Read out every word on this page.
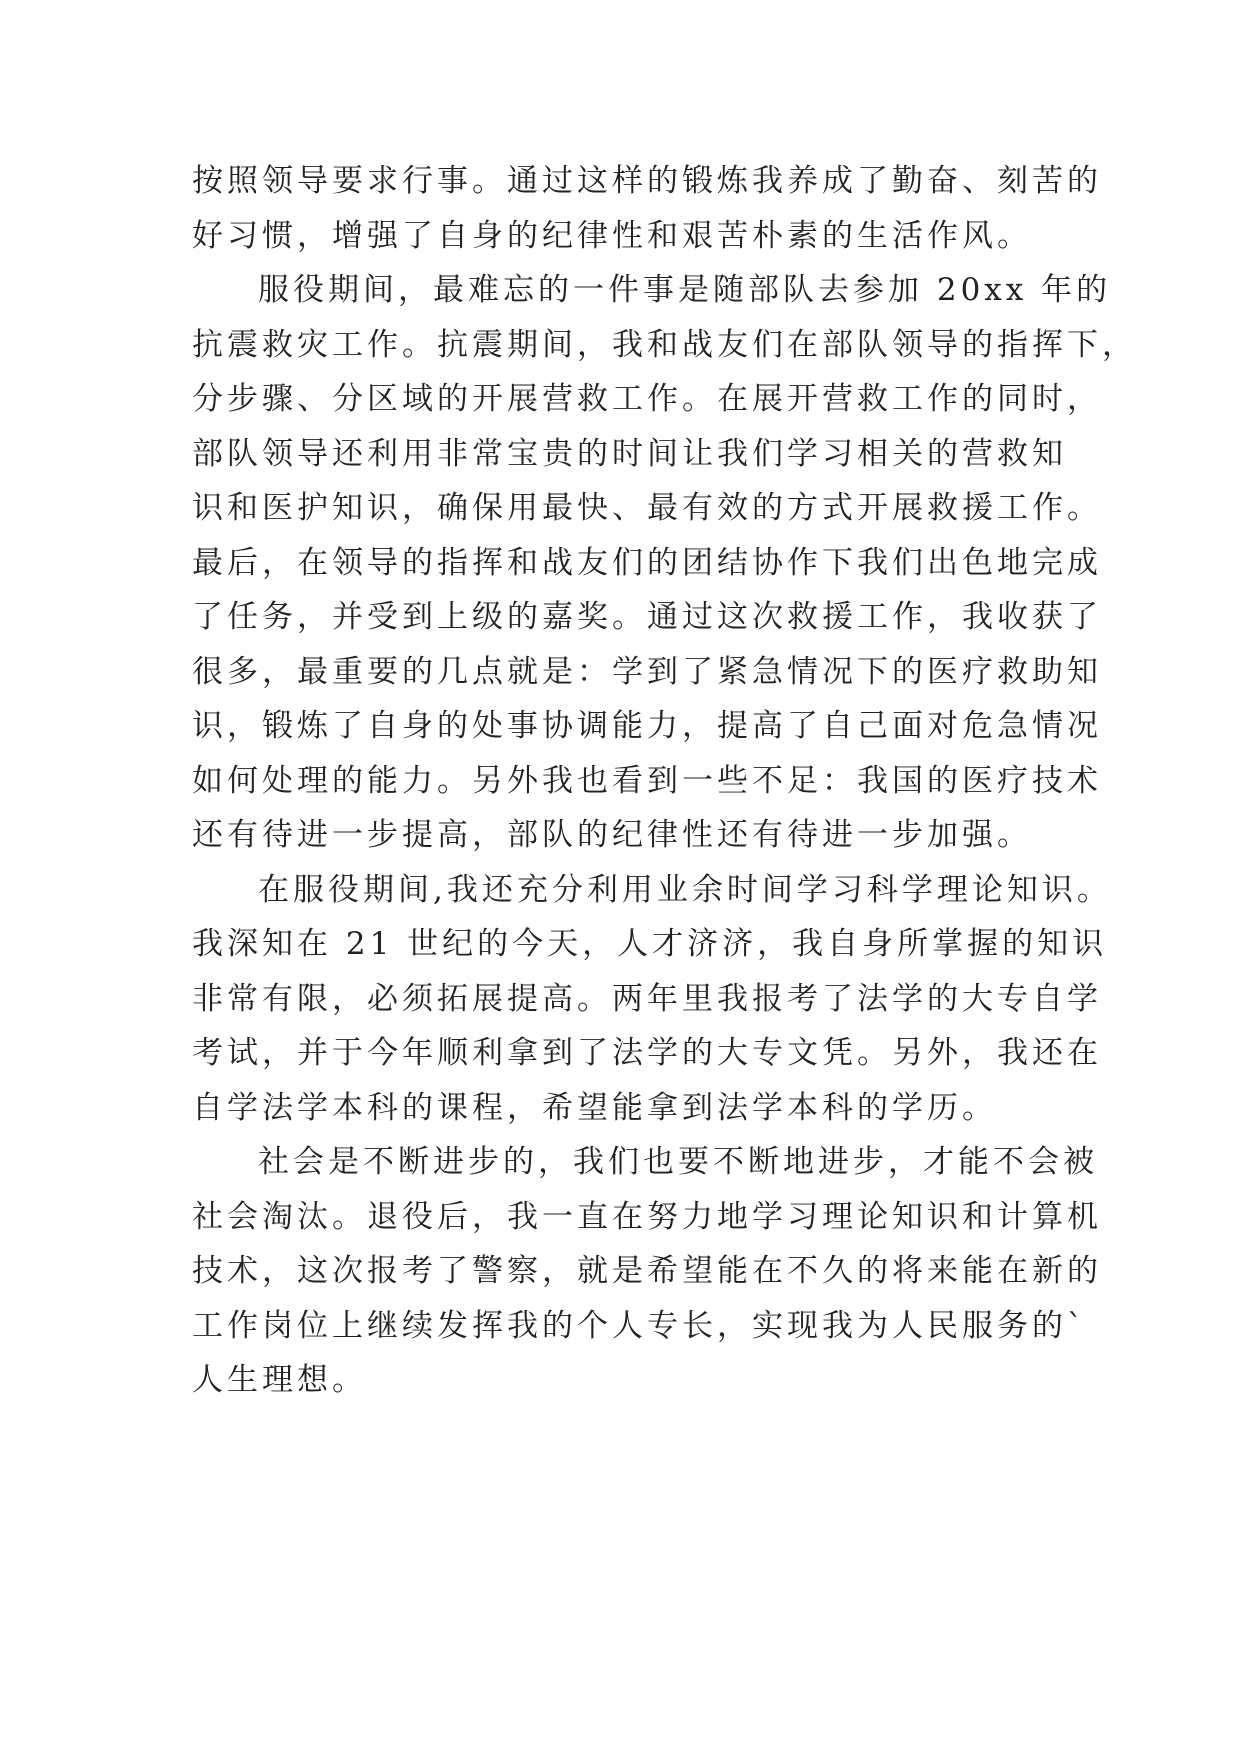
按照领导要求行事。通过这样的锻炼我养成了勤奋、刻苦的
好习惯，增强了自身的纪律性和艰苦朴素的生活作风。
服役期间，最难忘的一件事是随部队去参加 20xx 年的
抗震救灾工作。抗震期间，我和战友们在部队领导的指挥下，
分步骤、分区域的开展营救工作。在展开营救工作的同时，
部队领导还利用非常宝贵的时间让我们学习相关的营救知
识和医护知识，确保用最快、最有效的方式开展救援工作。
最后，在领导的指挥和战友们的团结协作下我们出色地完成
了任务，并受到上级的嘉奖。通过这次救援工作，我收获了
很多，最重要的几点就是：学到了紧急情况下的医疗救助知
识，锻炼了自身的处事协调能力，提高了自己面对危急情况
如何处理的能力。另外我也看到一些不足：我国的医疗技术
还有待进一步提高，部队的纪律性还有待进一步加强。
在服役期间,我还充分利用业余时间学习科学理论知识。
我深知在 21 世纪的今天，人才济济，我自身所掌握的知识
非常有限，必须拓展提高。两年里我报考了法学的大专自学
考试，并于今年顺利拿到了法学的大专文凭。另外，我还在
自学法学本科的课程，希望能拿到法学本科的学历。
社会是不断进步的，我们也要不断地进步，才能不会被
社会淘汰。退役后，我一直在努力地学习理论知识和计算机
技术，这次报考了警察，就是希望能在不久的将来能在新的
工作岗位上继续发挥我的个人专长，实现我为人民服务的`
人生理想。
